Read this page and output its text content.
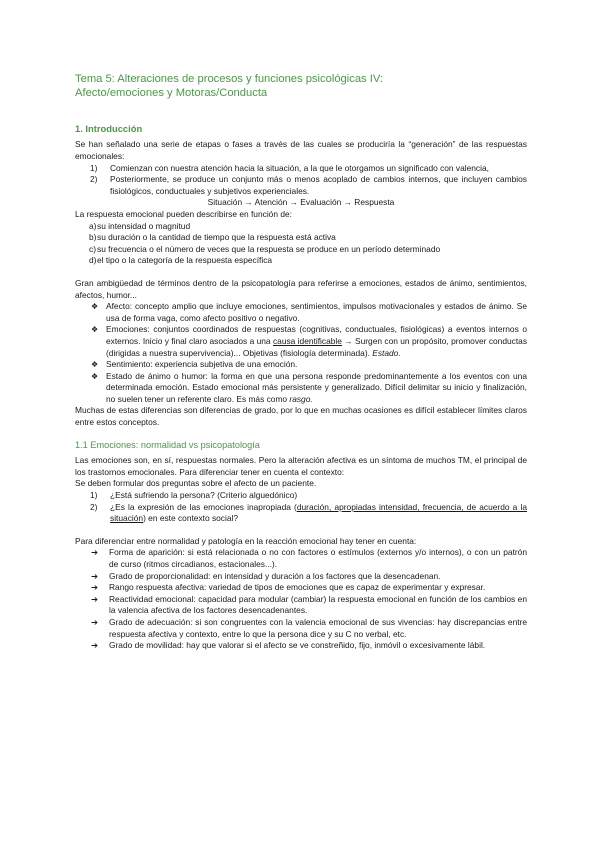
Tema 5: Alteraciones de procesos y funciones psicológicas IV:
Afecto/emociones y Motoras/Conducta
1. Introducción

Se han señalado una serie de etapas o fases a través de las cuales se produciría la “generación” de las respuestas emocionales:

1) Comienzan con nuestra atención hacia la situación, a la que le otorgamos un significado con valencia,
2) Posteriormente, se produce un conjunto más o menos acoplado de cambios internos, que incluyen cambios fisiológicos, conductuales y subjetivos experienciales.

Situación → Atención → Evaluación → Respuesta

La respuesta emocional pueden describirse en función de:

a) su intensidad o magnitud
b) su duración o la cantidad de tiempo que la respuesta está activa
c) su frecuencia o el número de veces que la respuesta se produce en un período determinado
d) el tipo o la categoría de la respuesta específica

Gran ambigüedad de términos dentro de la psicopatología para referirse a emociones, estados de ánimo, sentimientos, afectos, humor...

❖ Afecto: concepto amplio que incluye emociones, sentimientos, impulsos motivacionales y estados de ánimo. Se usa de forma vaga, como afecto positivo o negativo.
❖ Emociones: conjuntos coordinados de respuestas (cognitivas, conductuales, fisiológicas) a eventos internos o externos. Inicio y final claro asociados a una causa identificable → Surgen con un propósito, promover conductas (dirigidas a nuestra supervivencia)... Objetivas (fisiología determinada). Estado.
❖ Sentimiento: experiencia subjetiva de una emoción.
❖ Estado de ánimo o humor: la forma en que una persona responde predominantemente a los eventos con una determinada emoción. Estado emocional más persistente y generalizado. Difícil delimitar su inicio y finalización, no suelen tener un referente claro. Es más como rasgo.

Muchas de estas diferencias son diferencias de grado, por lo que en muchas ocasiones es difícil establecer límites claros entre estos conceptos.

1.1 Emociones: normalidad vs psicopatología

Las emociones son, en sí, respuestas normales. Pero la alteración afectiva es un síntoma de muchos TM, el principal de los trastornos emocionales. Para diferenciar tener en cuenta el contexto:

Se deben formular dos preguntas sobre el afecto de un paciente.

1) ¿Está sufriendo la persona? (Criterio alguedónico)
2) ¿Es la expresión de las emociones inapropiada (duración, apropiadas intensidad, frecuencia, de acuerdo a la situación) en este contexto social?

Para diferenciar entre normalidad y patología en la reacción emocional hay tener en cuenta:

➔ Forma de aparición: si está relacionada o no con factores o estímulos (externos y/o internos), o con un patrón de curso (ritmos circadianos, estacionales...).
➔ Grado de proporcionalidad: en intensidad y duración a los factores que la desencadenan.
➔ Rango respuesta afectiva: variedad de tipos de emociones que es capaz de experimentar y expresar.
➔ Reactividad emocional: capacidad para modular (cambiar) la respuesta emocional en función de los cambios en la valencia afectiva de los factores desencadenantes.
➔ Grado de adecuación: si son congruentes con la valencia emocional de sus vivencias: hay discrepancias entre respuesta afectiva y contexto, entre lo que la persona dice y su C no verbal, etc.
➔ Grado de movilidad: hay que valorar si el afecto se ve constreñido, fijo, inmóvil o excesivamente lábil.
